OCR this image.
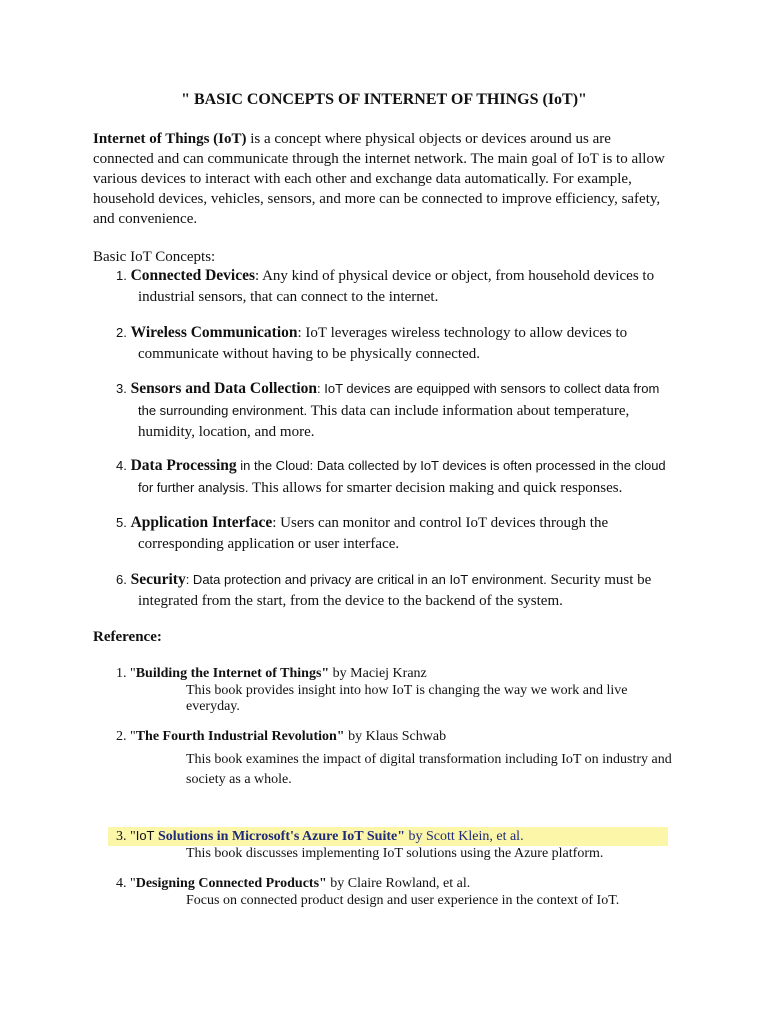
" BASIC CONCEPTS OF INTERNET OF THINGS (IoT)"
Internet of Things (IoT) is a concept where physical objects or devices around us are connected and can communicate through the internet network. The main goal of IoT is to allow various devices to interact with each other and exchange data automatically. For example, household devices, vehicles, sensors, and more can be connected to improve efficiency, safety, and convenience.
Basic IoT Concepts:
1. Connected Devices: Any kind of physical device or object, from household devices to
industrial sensors, that can connect to the internet.
2. Wireless Communication: IoT leverages wireless technology to allow devices to
communicate without having to be physically connected.
3. Sensors and Data Collection: IoT devices are equipped with sensors to collect data from
the surrounding environment. This data can include information about temperature,
humidity, location, and more.
4. Data Processing in the Cloud: Data collected by IoT devices is often processed in the cloud
for further analysis. This allows for smarter decision making and quick responses.
5. Application Interface: Users can monitor and control IoT devices through the
corresponding application or user interface.
6. Security: Data protection and privacy are critical in an IoT environment. Security must be
integrated from the start, from the device to the backend of the system.
Reference:
1. "Building the Internet of Things" by Maciej Kranz
This book provides insight into how IoT is changing the way we work and live everyday.
2. "The Fourth Industrial Revolution" by Klaus Schwab
This book examines the impact of digital transformation including IoT on industry and society as a whole.
3. "IoT Solutions in Microsoft's Azure IoT Suite" by Scott Klein, et al.
This book discusses implementing IoT solutions using the Azure platform.
4. "Designing Connected Products" by Claire Rowland, et al.
Focus on connected product design and user experience in the context of IoT.
